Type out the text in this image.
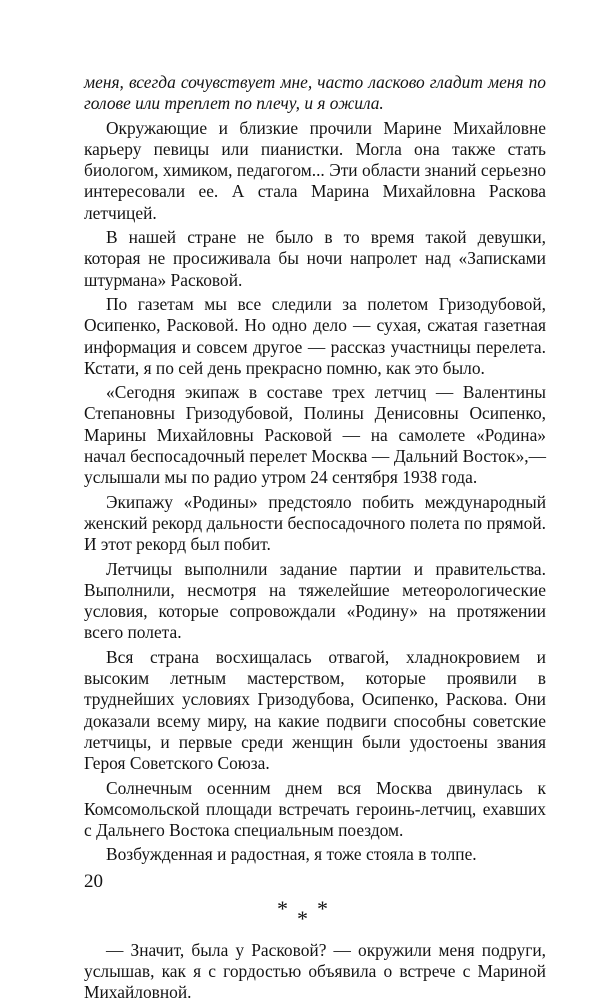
меня, всегда сочувствует мне, часто ласково гладит меня по голове или треплет по плечу, и я ожила.

Окружающие и близкие прочили Марине Михайловне карьеру певицы или пианистки. Могла она также стать биологом, химиком, педагогом... Эти области знаний серьезно интересовали ее. А стала Марина Михайловна Раскова летчицей.

В нашей стране не было в то время такой девушки, которая не просиживала бы ночи напролет над «Записками штурмана» Расковой.

По газетам мы все следили за полетом Гризодубовой, Осипенко, Расковой. Но одно дело — сухая, сжатая газетная информация и совсем другое — рассказ участницы перелета. Кстати, я по сей день прекрасно помню, как это было.

«Сегодня экипаж в составе трех летчиц — Валентины Степановны Гризодубовой, Полины Денисовны Осипенко, Марины Михайловны Расковой — на самолете «Родина» начал беспосадочный перелет Москва — Дальний Восток»,—услышали мы по радио утром 24 сентября 1938 года.

Экипажу «Родины» предстояло побить международный женский рекорд дальности беспосадочного полета по прямой. И этот рекорд был побит.

Летчицы выполнили задание партии и правительства. Выполнили, несмотря на тяжелейшие метеорологические условия, которые сопровождали «Родину» на протяжении всего полета.

Вся страна восхищалась отвагой, хладнокровием и высоким летным мастерством, которые проявили в труднейших условиях Гризодубова, Осипенко, Раскова. Они доказали всему миру, на какие подвиги способны советские летчицы, и первые среди женщин были удостоены звания Героя Советского Союза.

Солнечным осенним днем вся Москва двинулась к Комсомольской площади встречать героинь-летчиц, ехавших с Дальнего Востока специальным поездом.

Возбужденная и радостная, я тоже стояла в толпе.

* * *

— Значит, была у Расковой? — окружили меня подруги, услышав, как я с гордостью объявила о встрече с Мариной Михайловной.

20
